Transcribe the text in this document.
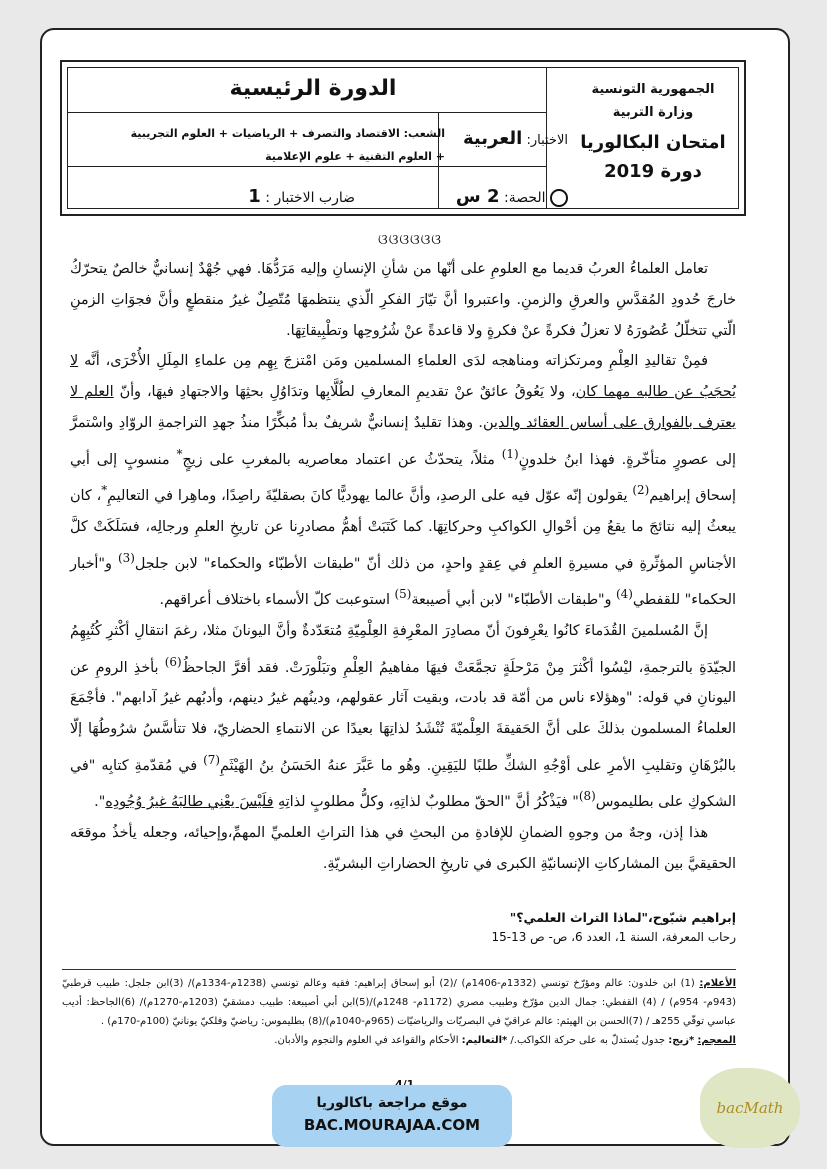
الجمهورية التونسية
وزارة التربية
امتحان البكالوريا
دورة 2019
الدورة الرئيسية
الاختبار: العربية
الشعب: الاقتصاد والتصرف + الرياضيات + العلوم التجريبية
+ العلوم التقنية + علوم الإعلامية
الحصة: 2 س
ضارب الاختبار : 1
ଓଓଓଓଓଓ

تعامل العلماءُ العربُ قديما مع العلومِ على أنّها من شأنِ الإنسانِ وإليه مَرَدُّهَا. فهي جُهْدٌ إنسانيٌّ خالصٌ يتحرّكُ خارجَ حُدودِ المُقدَّسِ والعرقِ والزمنِ. واعتبروا أنَّ تيّارَ الفكرِ الّذي ينتظمهَا مُتّصِلٌ غيرُ منقطعٍ وأنَّ فجوَاتِ الزمنِ الّتي تتخلّلُ عُصُورَهُ لا تعزلُ فكرةً عنْ فكرةٍ ولا قاعدةً عنْ شُرُوحِها وتطْبِيقاتِهَا.

فمِنْ تقاليدِ العِلْمِ ومرتكزاته ومناهجه لدَى العلماءِ المسلمين ومَن امْتزجَ بِهِم مِن علماءِ المِلَلِ الأُخْرَى، أنَّه لا يُحجَبُ عن طالبه مهما كان، ولا يَعُوقُ عائقٌ عنْ تقديمِ المعارفِ لطُلَّابِها وتدَاوُلِ بحثِهَا والاجتهادِ فيهَا، وأنّ العلم لا يعترف بالفوارق على أساس العقائد والدين. وهذا تقليدٌ إنسانيٌّ شريفٌ بدأ مُبكِّرًا منذُ جهدِ التراجمةِ الروّادِ واسْتمرَّ إلى عصورٍ متأخّرةٍ. فهذا ابنُ خلدونٍ$^{(1)}$ مثلاً، يتحدّثُ عن اعتماد معاصريه بالمغربِ على زيجٍ* منسوبٍ إلى أبي إسحاق إبراهيم$^{(2)}$ يقولون إنّه عوّل فيه على الرصدِ، وأنَّ عالما يهوديًّا كانَ بصقليّةَ راصِدًا، وماهِرا في التعاليمِ*، كان يبعثُ إليه نتائجَ ما يقعُ مِن أحْوالِ الكواكبِ وحركاتِهَا. كما كَتَبَتْ أهمُّ مصادرِنا عن تاريخِ العلمِ ورجالِه، فسَلَكَتْ كلَّ الأجناسِ المؤثّرةِ في مسيرةِ العلمِ في عِقدٍ واحدٍ، من ذلك أنّ "طبقات الأطبّاء والحكماء" لابن جلجل$^{(3)}$ و"أخبار الحكماء" للقفطي$^{(4)}$ و"طبقات الأطبّاء" لابن أبي أصيبعة$^{(5)}$ استوعبت كلّ الأسماء باختلاف أعراقهم.

إنَّ المُسلمينَ القُدَماءَ كانُوا يعْرِفونَ أنّ مصادِرَ المعْرِفةِ العِلْمِيّةِ مُتعَدّدةٌ وأنَّ اليونانَ مثلا، رغمَ انتقالِ أكْثرِ كُتُبِهِمُ الجيّدَةِ بالترجمةِ، ليْسُوا أكْثرَ مِنْ مَرْحلَةٍ تجمَّعَتْ فيهَا مفاهيمُ العِلْمِ وتبَلْورَتْ. فقد أقرَّ الجاحظُ$^{(6)}$ بأخذِ الرومِ عن اليونانِ في قوله: "وهؤلاء ناس من أمّة قد بادت، وبقيت آثار عقولهم، ودينُهم غيرُ دينهم، وأدبُهم غيرُ آدابهم". فأجْمَعَ العلماءُ المسلمون بذلكَ على أنَّ الحَقيقةَ العِلْميّةَ تُنْشَدُ لذاتِهَا بعيدًا عن الانتماءِ الحضاريّ، فلا تتأسَّسُ شرُوطُهَا إلّا بالبُرْهَانِ وتقليبِ الأمرِ على أوْجُهِ الشكِّ طلبًا لليَقِينِ. وهُو ما عَبَّرَ عنهُ الحَسَنُ بنُ الهَيْثَمِ$^{(7)}$ في مُقدّمةِ كتابِه "في الشكوكِ على بطليموس$^{(8)}$" فيَذْكُرُ أنَّ "الحقّ مطلوبٌ لذاتِهِ، وكلُّ مطلوبٍ لذاتِهِ فلَيْسَ يعْنِي طالبَهُ غيرُ وُجُودِه".

هذا إذن، وجهٌ من وجوهِ الضمانِ للإفادةِ من البحثِ في هذا التراثِ العلميِّ المهمِّ،وإحيائه، وجعله يأخذُ موقعَه الحقيقيَّ بين المشاركاتِ الإنسانيّةِ الكبرى في تاريخِ الحضاراتِ البشريّةِ.

إبراهيم شبّوح،"لماذا التراث العلمي؟"
رحاب المعرفة، السنة 1، العدد 6، ص- ص 13-15
الأعلام: (1) ابن خلدون: عالم ومؤرّخ تونسي (1332م-1406م) /(2) أبو إسحاق إبراهيم: فقيه وعالم تونسي (1238م-1334م)/ (3)ابن جلجل: طبيب قرطبيّ (943م- 954م) / (4) القفطي: جمال الدين مؤرّخ وطبيب مصري (1172م- 1248م)/(5)ابن أبي أصيبعة: طبيب دمشقيّ (1203م-1270م)/ (6)الجاحظ: أديب عباسي توفّي 255هـ / (7)الحسن بن الهيثم: عالم عراقيّ في البصريّات والرياضيّات (965م-1040م)/(8) بطليموس: رياضيّ وفلكيّ يونانيّ (100م-170م) .
المعجم: *زيج: جدول يُستدلّ به على حركة الكواكب./ *التعاليم: الأحكام والقواعد في العلوم والنجوم والأدبان.
موقع مراجعة باكالوريا
BAC.MOURAJAA.COM
bacMath
